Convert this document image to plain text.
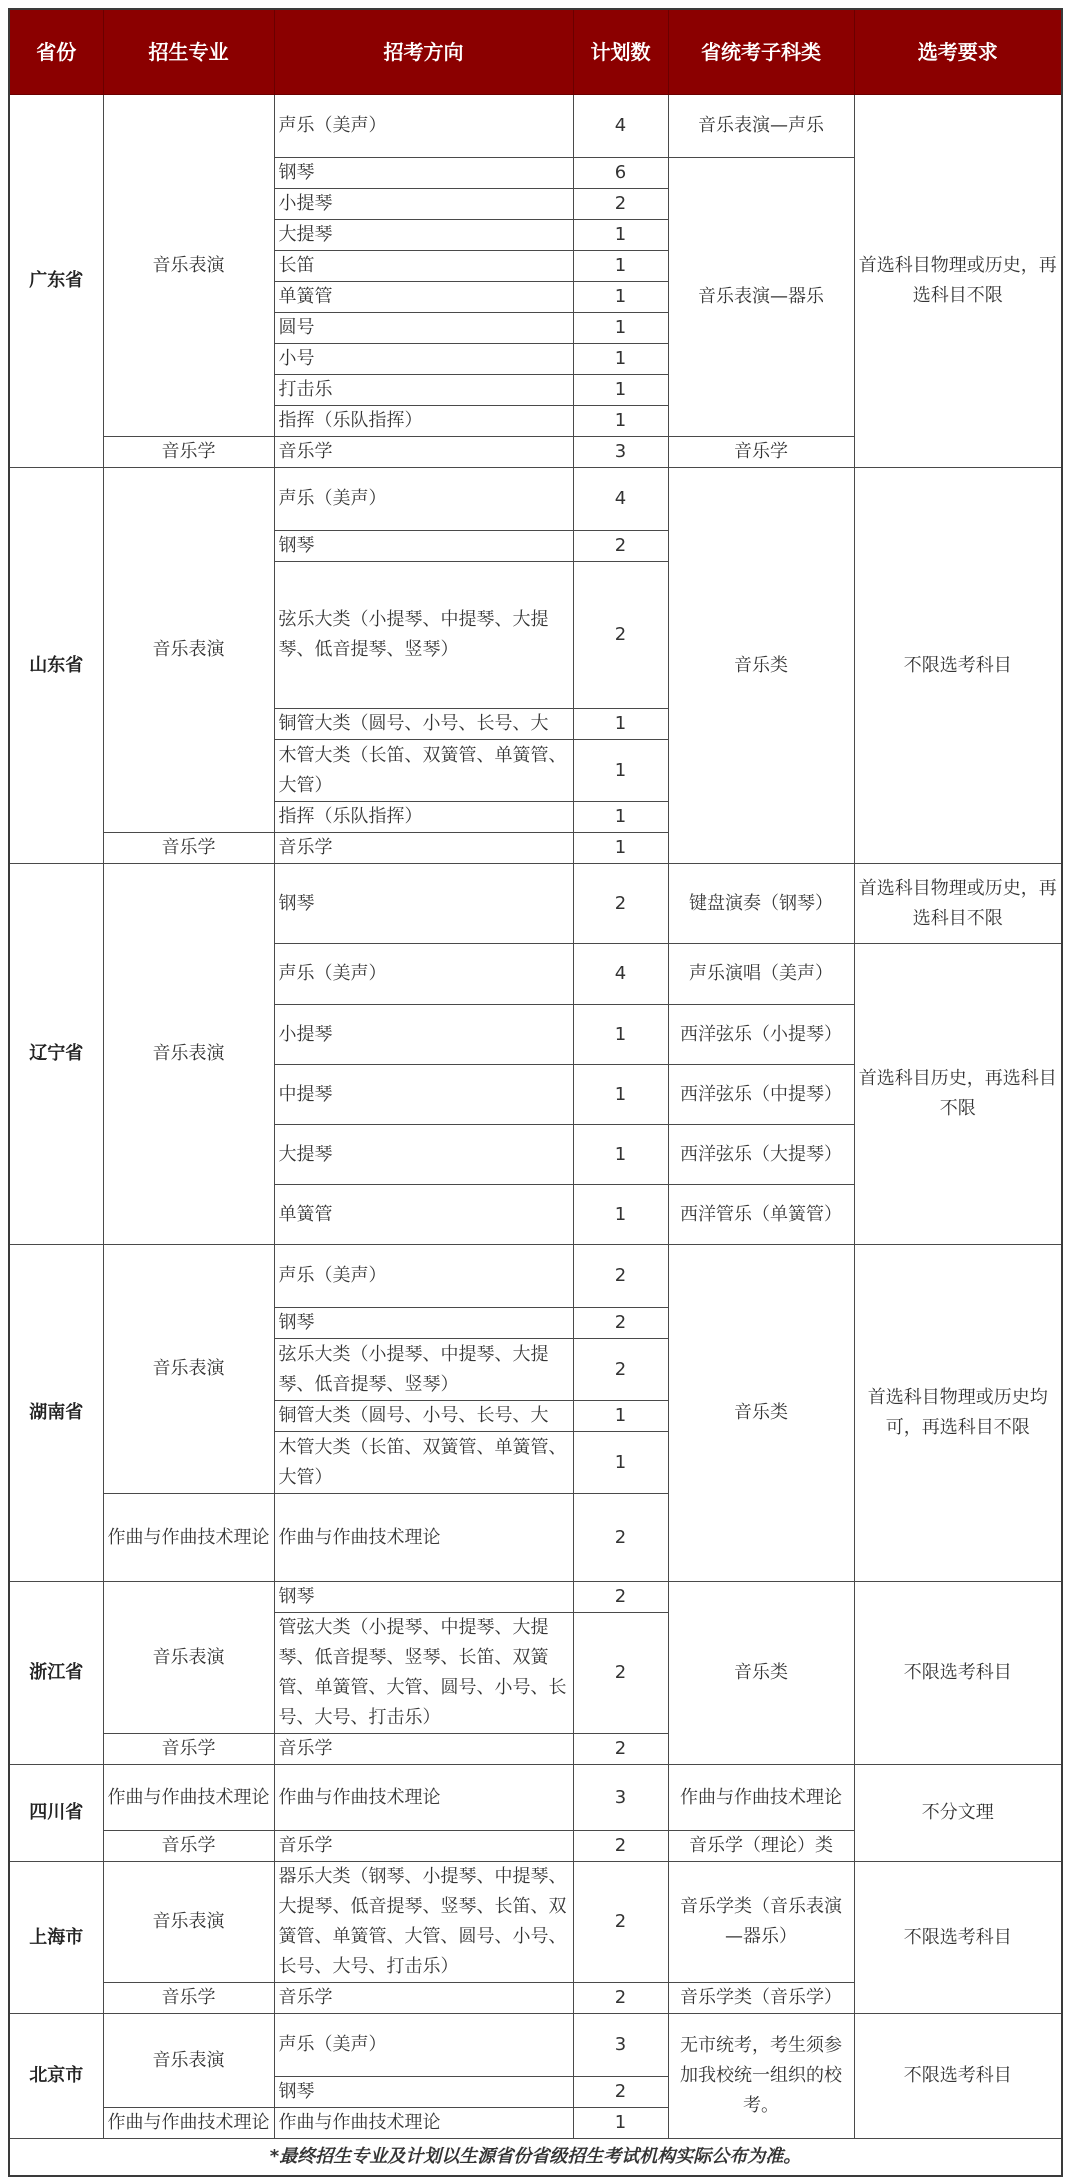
省份	招生专业	招考方向	计划数	省统考子科类	选考要求
广东省	音乐表演	声乐（美声）	4	音乐表演—声乐	首选科目物理或历史，再选科目不限
		钢琴	6	音乐表演—器乐	
		小提琴	2		
		大提琴	1		
		长笛	1		
		单簧管	1		
		圆号	1		
		小号	1		
		打击乐	1		
		指挥（乐队指挥）	1		
	音乐学	音乐学	3	音乐学	
山东省	音乐表演	声乐（美声）	4	音乐类	不限选考科目
		钢琴	2		
		弦乐大类（小提琴、中提琴、大提琴、低音提琴、竖琴）	2		
		铜管大类（圆号、小号、长号、大	1		
		木管大类（长笛、双簧管、单簧管、大管）	1		
		指挥（乐队指挥）	1		
	音乐学	音乐学	1		
辽宁省	音乐表演	钢琴	2	键盘演奏（钢琴）	首选科目物理或历史，再选科目不限
		声乐（美声）	4	声乐演唱（美声）	首选科目历史，再选科目不限
		小提琴	1	西洋弦乐（小提琴）	
		中提琴	1	西洋弦乐（中提琴）	
		大提琴	1	西洋弦乐（大提琴）	
		单簧管	1	西洋管乐（单簧管）	
湖南省	音乐表演	声乐（美声）	2	音乐类	首选科目物理或历史均可，再选科目不限
		钢琴	2		
		弦乐大类（小提琴、中提琴、大提琴、低音提琴、竖琴）	2		
		铜管大类（圆号、小号、长号、大	1		
		木管大类（长笛、双簧管、单簧管、大管）	1		
	作曲与作曲技术理论	作曲与作曲技术理论	2		
浙江省	音乐表演	钢琴	2	音乐类	不限选考科目
		管弦大类（小提琴、中提琴、大提琴、低音提琴、竖琴、长笛、双簧管、单簧管、大管、圆号、小号、长号、大号、打击乐）	2		
	音乐学	音乐学	2		
四川省	作曲与作曲技术理论	作曲与作曲技术理论	3	作曲与作曲技术理论	不分文理
	音乐学	音乐学	2	音乐学（理论）类	
上海市	音乐表演	器乐大类（钢琴、小提琴、中提琴、大提琴、低音提琴、竖琴、长笛、双簧管、单簧管、大管、圆号、小号、长号、大号、打击乐）	2	音乐学类（音乐表演—器乐）	不限选考科目
	音乐学	音乐学	2	音乐学类（音乐学）	
北京市	音乐表演	声乐（美声）	3	无市统考，考生须参加我校统一组织的校考。	不限选考科目
		钢琴	2		
	作曲与作曲技术理论	作曲与作曲技术理论	1		
*最终招生专业及计划以生源省份省级招生考试机构实际公布为准。					
